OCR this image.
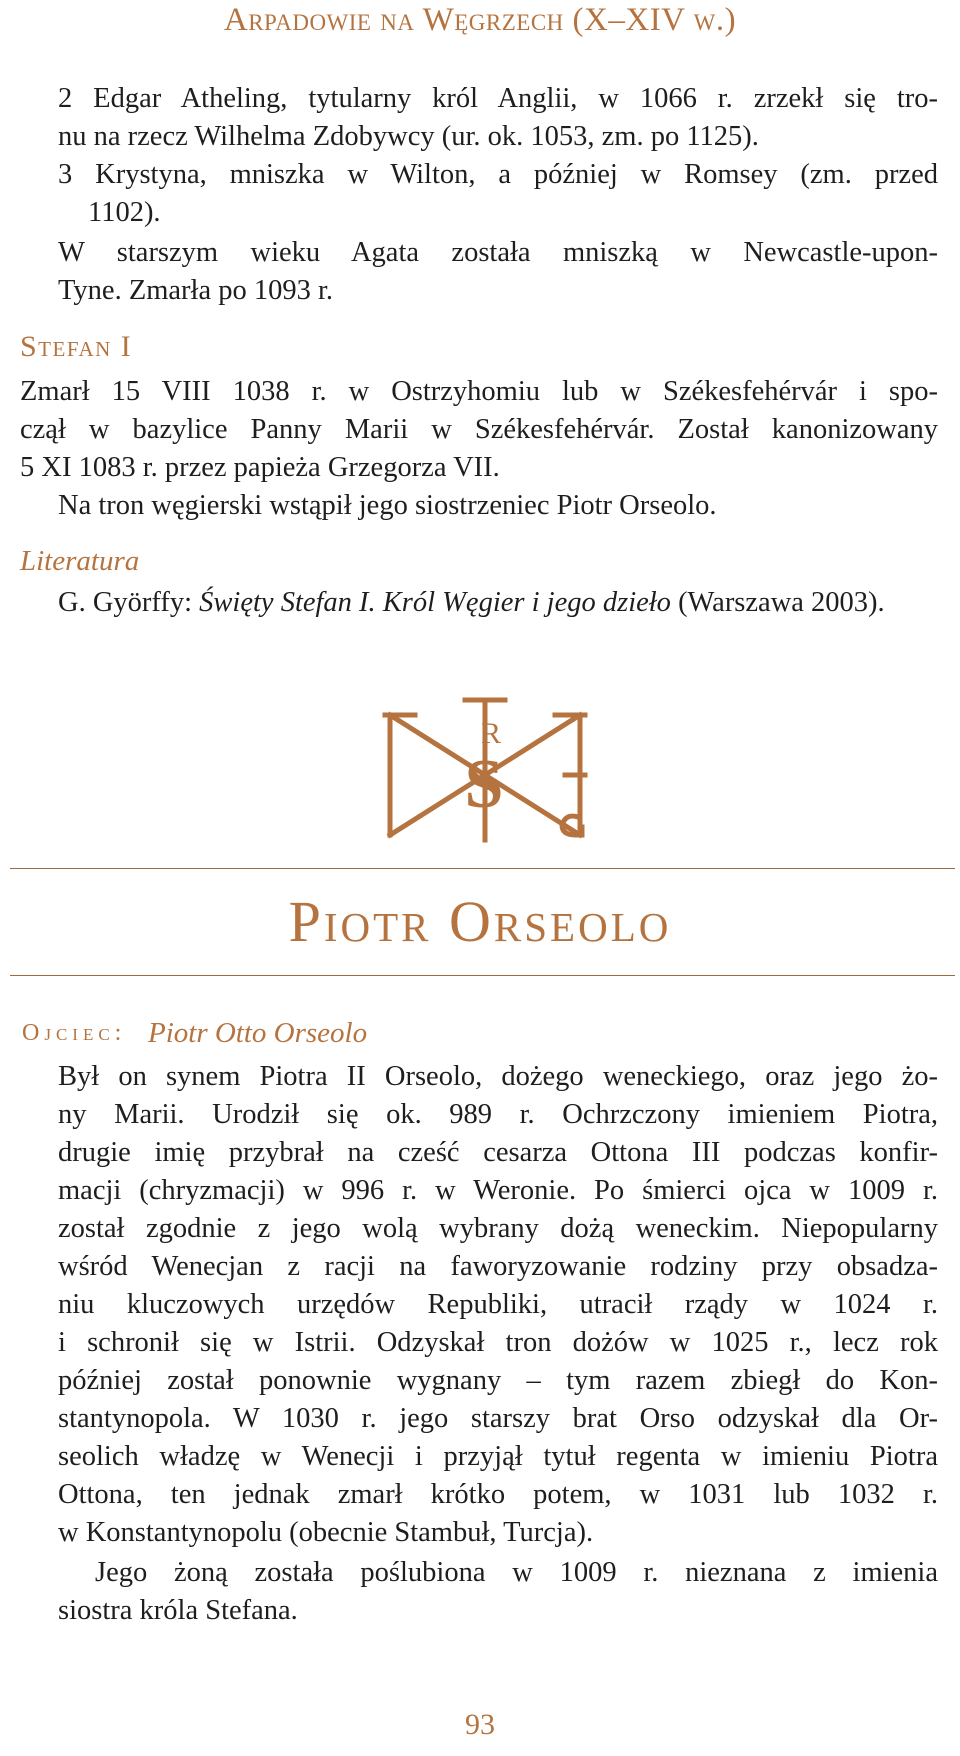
Arpadowie na Węgrzech (X–XIV w.)
2 Edgar Atheling, tytularny król Anglii, w 1066 r. zrzekł się tro-
nu na rzecz Wilhelma Zdobywcy (ur. ok. 1053, zm. po 1125).
3 Krystyna, mniszka w Wilton, a później w Romsey (zm. przed
1102).
W starszym wieku Agata została mniszką w Newcastle-upon-
Tyne. Zmarła po 1093 r.
Stefan I
Zmarł 15 VIII 1038 r. w Ostrzyhomiu lub w Székesfehérvár i spo-
czął w bazylice Panny Marii w Székesfehérvár. Został kanonizowany
5 XI 1083 r. przez papieża Grzegorza VII.
Na tron węgierski wstąpił jego siostrzeniec Piotr Orseolo.
Literatura
G. Györffy: Święty Stefan I. Król Węgier i jego dzieło (Warszawa 2003).
S
R
Piotr Orseolo
Ojciec: Piotr Otto Orseolo
Był on synem Piotra II Orseolo, dożego weneckiego, oraz jego żo-
ny Marii. Urodził się ok. 989 r. Ochrzczony imieniem Piotra,
drugie imię przybrał na cześć cesarza Ottona III podczas konfir-
macji (chryzmacji) w 996 r. w Weronie. Po śmierci ojca w 1009 r.
został zgodnie z jego wolą wybrany dożą weneckim. Niepopularny
wśród Wenecjan z racji na faworyzowanie rodziny przy obsadza-
niu kluczowych urzędów Republiki, utracił rządy w 1024 r.
i schronił się w Istrii. Odzyskał tron dożów w 1025 r., lecz rok
później został ponownie wygnany – tym razem zbiegł do Kon-
stantynopola. W 1030 r. jego starszy brat Orso odzyskał dla Or-
seolich władzę w Wenecji i przyjął tytuł regenta w imieniu Piotra
Ottona, ten jednak zmarł krótko potem, w 1031 lub 1032 r.
w Konstantynopolu (obecnie Stambuł, Turcja).
Jego żoną została poślubiona w 1009 r. nieznana z imienia
siostra króla Stefana.
93
